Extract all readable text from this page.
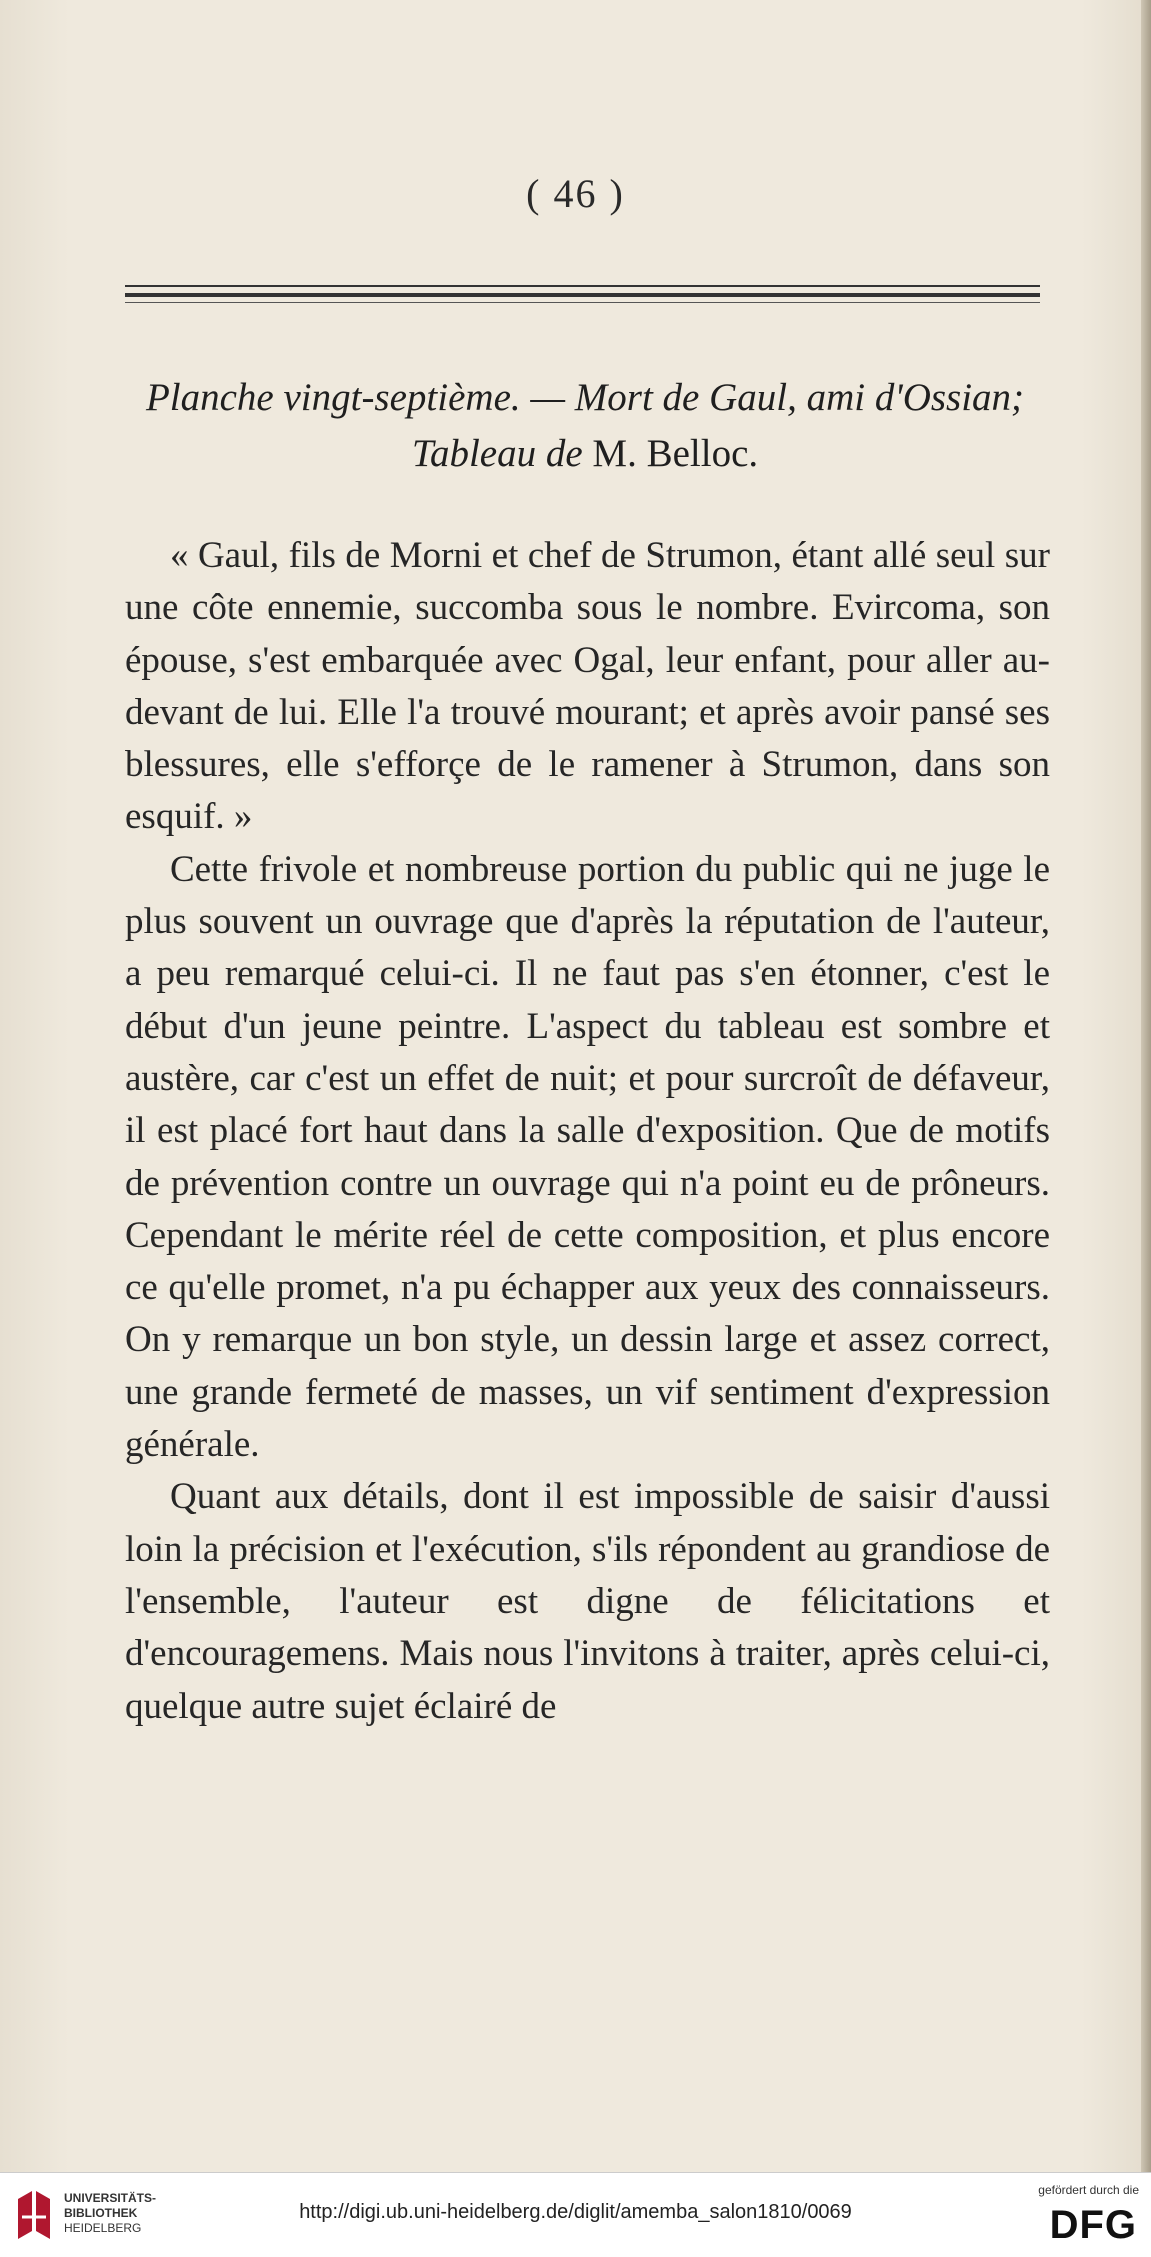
( 46 )
Planche vingt-septième. — Mort de Gaul, ami d'Ossian;
Tableau de M. Belloc.

« Gaul, fils de Morni et chef de Strumon, étant allé seul sur une côte ennemie, succomba sous le nombre. Evircoma, son épouse, s'est embarquée avec Ogal, leur enfant, pour aller au-devant de lui. Elle l'a trouvé mourant; et après avoir pansé ses blessures, elle s'efforçe de le ramener à Strumon, dans son esquif. »

Cette frivole et nombreuse portion du public qui ne juge le plus souvent un ouvrage que d'après la réputation de l'auteur, a peu remarqué celui-ci. Il ne faut pas s'en étonner, c'est le début d'un jeune peintre. L'aspect du tableau est sombre et austère, car c'est un effet de nuit; et pour surcroît de défaveur, il est placé fort haut dans la salle d'exposition. Que de motifs de prévention contre un ouvrage qui n'a point eu de prôneurs. Cependant le mérite réel de cette composition, et plus encore ce qu'elle promet, n'a pu échapper aux yeux des connaisseurs. On y remarque un bon style, un dessin large et assez correct, une grande fermeté de masses, un vif sentiment d'expression générale.

Quant aux détails, dont il est impossible de saisir d'aussi loin la précision et l'exécution, s'ils répondent au grandiose de l'ensemble, l'auteur est digne de félicitations et d'encouragemens. Mais nous l'invitons à traiter, après celui-ci, quelque autre sujet éclairé de

UNIVERSITÄTS-
BIBLIOTHEK
HEIDELBERG
http://digi.ub.uni-heidelberg.de/diglit/amemba_salon1810/0069
gefördert durch die
DFG
